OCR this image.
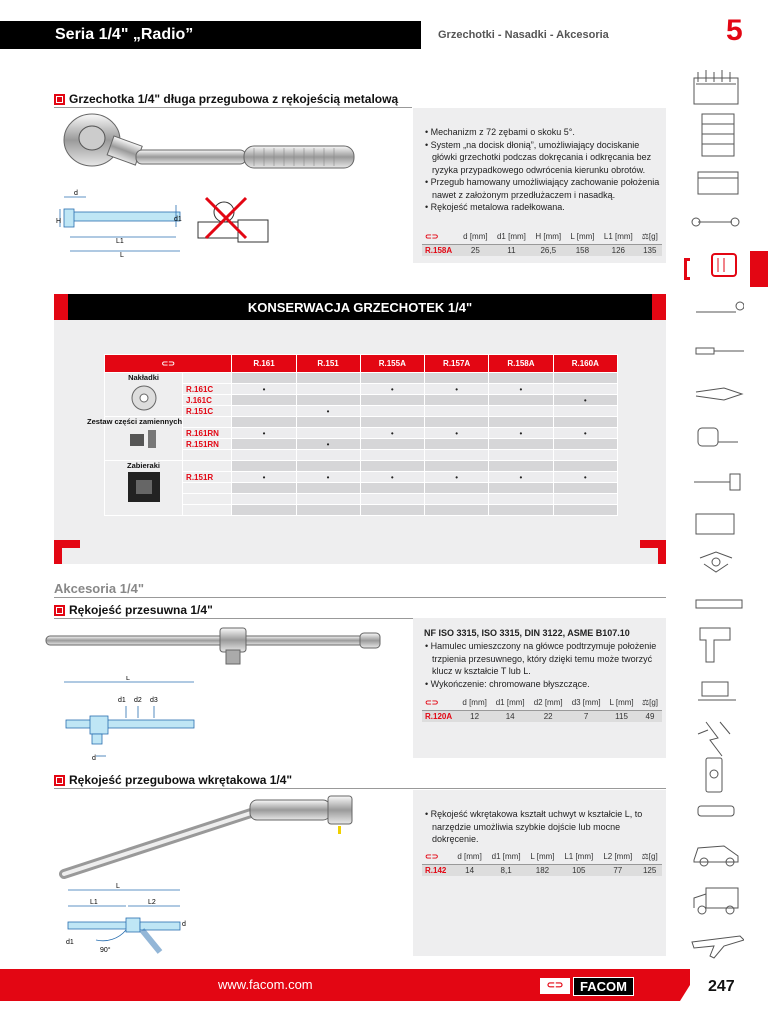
Seria 1/4" „Radio”	Grzechotki - Nasadki - Akcesoria	5
Grzechotka 1/4" długa przegubowa z rękojeścią metalową
d
H	d1
L1
L
• Mechanizm z 72 zębami o skoku 5°.
• System „na docisk dłonią”, umożliwiający dociskanie główki grzechotki podczas dokręcania i odkręcania bez ryzyka przypadkowego odwrócenia kierunku obrotów.
• Przegub hamowany umożliwiający zachowanie położenia nawet z założonym przedłużaczem i nasadką.
• Rękojeść metalowa radełkowana.
⊂⊃	d [mm]	d1 [mm]	H [mm]	L [mm]	L1 [mm]	⚖[g]
R.158A	25	11	26,5	158	126	135
KONSERWACJA GRZECHOTEK 1/4"
⊂⊃		R.161	R.151	R.155A	R.157A	R.158A	R.160A

Nakładki							

	R.161C	•		•	•	•	
	J.161C						•
	R.151C		•				

Zestaw części zamiennych							

	R.161RN	•		•	•	•	•
	R.151RN		•				

Zabieraki							

	R.151R	•	•	•	•	•	•

Akcesoria 1/4"
Rękojeść przesuwna 1/4"
L
d1 d2 d3
d
NF ISO 3315, ISO 3315, DIN 3122, ASME B107.10
• Hamulec umieszczony na główce podtrzymuje położenie trzpienia przesuwnego, który dzięki temu może tworzyć klucz w kształcie T lub L.
• Wykończenie: chromowane błyszczące.
⊂⊃	d [mm]	d1 [mm]	d2 [mm]	d3 [mm]	L [mm]	⚖[g]
R.120A	12	14	22	7	115	49
Rękojeść przegubowa wkrętakowa 1/4"
L
L1	L2
d
d1
90°
• Rękojeść wkrętakowa kształt uchwyt w kształcie L, to narzędzie umożliwia szybkie dojście lub mocne dokręcenie.
⊂⊃	d [mm]	d1 [mm]	L [mm]	L1 [mm]	L2 [mm]	⚖[g]
R.142	14	8,1	182	105	77	125
www.facom.com	⊂⊃	FACOM	247
